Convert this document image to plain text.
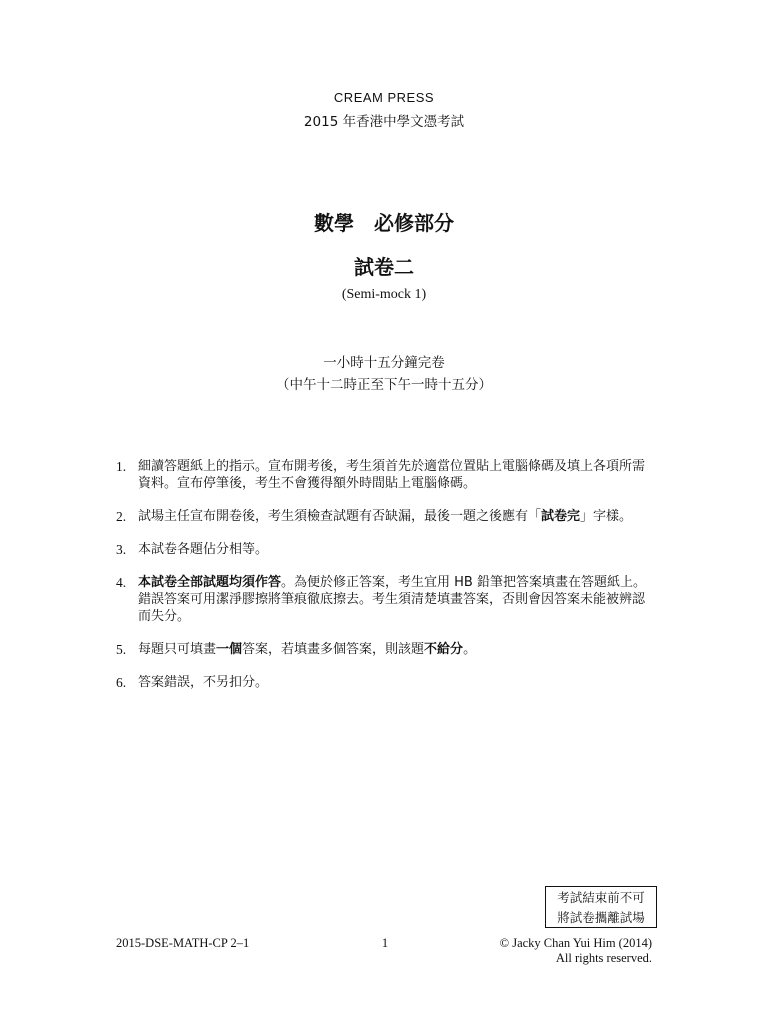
CREAM PRESS
2015 年香港中學文憑考試
數學　必修部分
試卷二
(Semi-mock 1)
一小時十五分鐘完卷
（中午十二時正至下午一時十五分）
1. 細讀答題紙上的指示。宣布開考後，考生須首先於適當位置貼上電腦條碼及填上各項所需資料。宣布停筆後，考生不會獲得額外時間貼上電腦條碼。
2. 試場主任宣布開卷後，考生須檢查試題有否缺漏，最後一題之後應有「試卷完」字樣。
3. 本試卷各題佔分相等。
4. 本試卷全部試題均須作答。為便於修正答案，考生宜用 HB 鉛筆把答案填畫在答題紙上。錯誤答案可用潔淨膠擦將筆痕徹底擦去。考生須清楚填畫答案，否則會因答案未能被辨認而失分。
5. 每題只可填畫一個答案，若填畫多個答案，則該題不給分。
6. 答案錯誤，不另扣分。
考試結束前不可
將試卷攜離試場
2015-DSE-MATH-CP 2–1	1	© Jacky Chan Yui Him (2014)
All rights reserved.
